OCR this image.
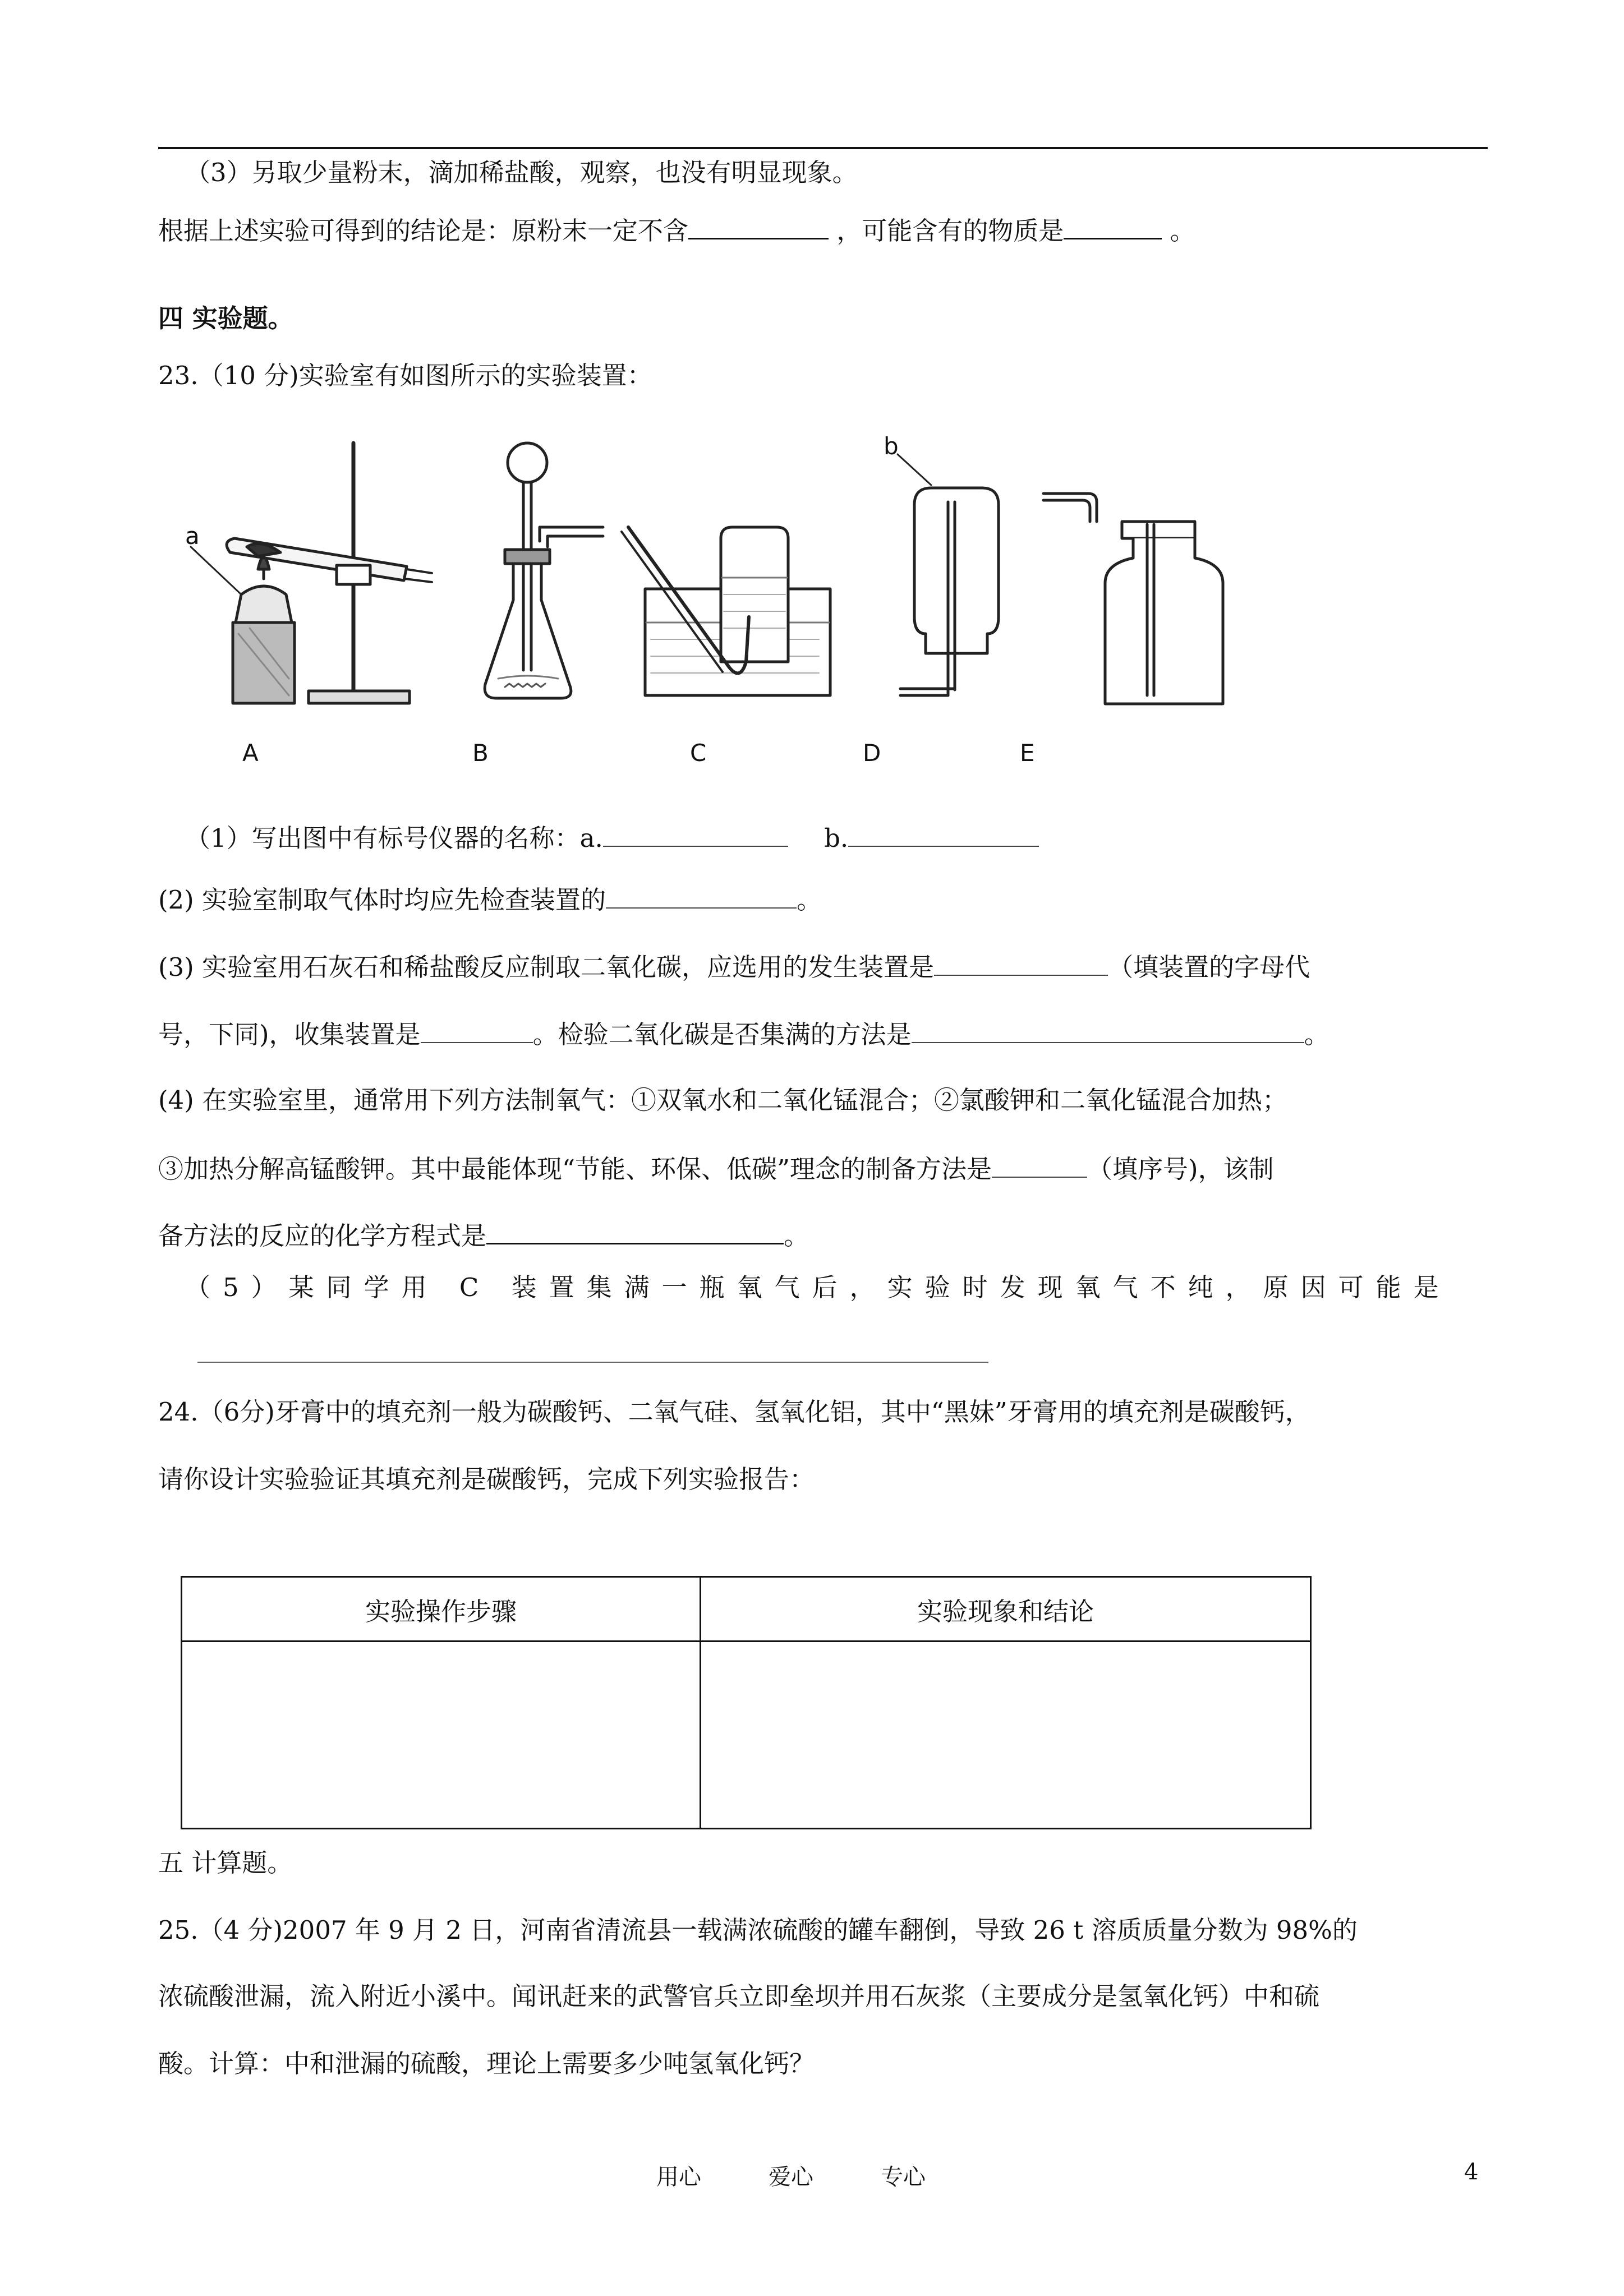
（3）另取少量粉末，滴加稀盐酸，观察，也没有明显现象。
根据上述实验可得到的结论是：原粉末一定不含	，可能含有的物质是	。
四 实验题。
23.（10 分)实验室有如图所示的实验装置：
a
b
A	B	C	D	E
（1）写出图中有标号仪器的名称：a.	b.
(2) 实验室制取气体时均应先检查装置的	。
(3) 实验室用石灰石和稀盐酸反应制取二氧化碳，应选用的发生装置是	（填装置的字母代
号，下同)，收集装置是	。检验二氧化碳是否集满的方法是	。
(4) 在实验室里，通常用下列方法制氧气：①双氧水和二氧化锰混合；②氯酸钾和二氧化锰混合加热；
③加热分解高锰酸钾。其中最能体现“节能、环保、低碳”理念的制备方法是	（填序号)，该制
备方法的反应的化学方程式是	。
（5）某同学用 C 装置集满一瓶氧气后，实验时发现氧气不纯，原因可能是
24.（6分)牙膏中的填充剂一般为碳酸钙、二氧气硅、氢氧化铝，其中“黑妹”牙膏用的填充剂是碳酸钙，
请你设计实验验证其填充剂是碳酸钙，完成下列实验报告：
实验操作步骤	实验现象和结论

五 计算题。
25.（4 分)2007 年 9 月 2 日，河南省清流县一载满浓硫酸的罐车翻倒，导致 26 t 溶质质量分数为 98%的
浓硫酸泄漏，流入附近小溪中。闻讯赶来的武警官兵立即垒坝并用石灰浆（主要成分是氢氧化钙）中和硫
酸。计算：中和泄漏的硫酸，理论上需要多少吨氢氧化钙？
用心	爱心	专心	4
